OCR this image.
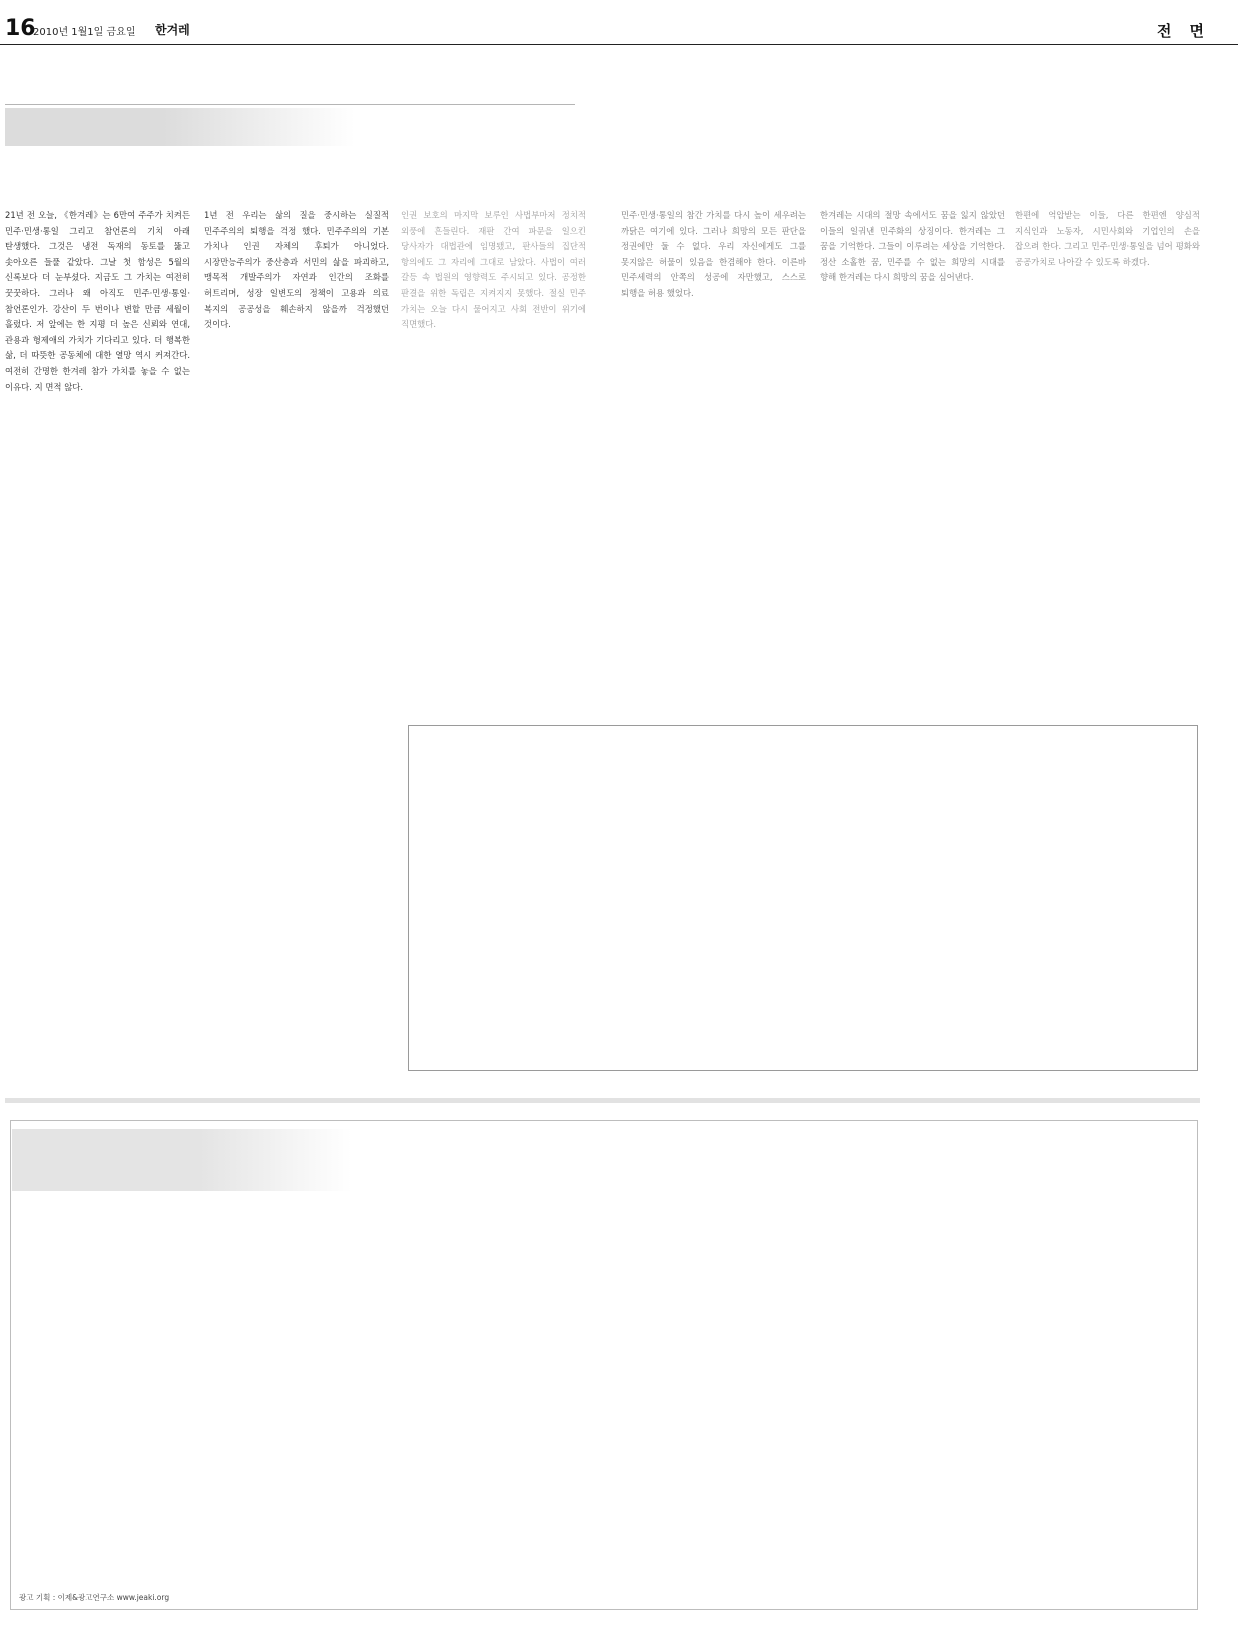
16
2010년 1월1일 금요일 한겨레	전면

21년 전 오늘, 《한겨레》는 6만여 주주가 치켜든 민주·민생·통일 그리고 참언론의 기치 아래 탄생했다. 그것은 냉전 독재의 동토를 뚫고 솟아오른 들풀 같았다. 그날 첫 함성은 5월의 신록보다 더 눈부셨다. 지금도 그 가치는 여전히 꿋꿋하다. 그러나 왜 아직도 민주·민생·통일·참언론인가. 강산이 두 번이나 변할 만큼 세월이 흘렀다. 저 앞에는 한 지평 더 높은 신뢰와 연대, 관용과 형제애의 가치가 기다리고 있다. 더 행복한 삶, 더 따뜻한 공동체에 대한 열망 역시 커져간다. 여전히 간명한 한겨레 참가 가치를 놓을 수 없는 이유다. 지 면적 않다.

1년 전 우리는 삶의 질을 중시하는 실질적 민주주의의 퇴행을 걱정 했다. 민주주의의 기본 가치나 인권 자체의 후퇴가 아니었다. 시장만능주의가 중산층과 서민의 삶을 파괴하고, 맹목적 개발주의가 자연과 인간의 조화를 허트리며, 성장 일변도의 정책이 고용과 의료 복지의 공공성을 훼손하지 않을까 걱정했던 것이다.

인권 보호의 마지막 보루인 사법부마저 정치적 외풍에 흔들린다. 재판 간여 파문을 일으킨 당사자가 대법관에 임명됐고, 판사들의 집단적 항의에도 그 자리에 그대로 남았다. 사법이 여러 갈등 속 법원의 영향력도 주시되고 있다. 공정한 판결을 위한 독립은 지켜지지 못했다. 절실 민주 가치는 오늘 다시 물어지고 사회 전반이 위기에 직면했다.

민주·민생·통일의 참간 가치를 다시 높이 세우려는 까닭은 여기에 있다. 그러나 희망의 모든 판단을 정권에만 둘 수 없다. 우리 자신에게도 그를 못지않은 허물이 있음을 한겸해야 한다. 이른바 민주세력의 안쪽의 성공에 자만했고, 스스로 퇴행을 허용 했었다.

한겨레는 시대의 절망 속에서도 꿈을 잃지 않았던 이들의 일궈낸 민주화의 상징이다. 한겨레는 그 꿈을 기억한다. 그들이 이루려는 세상을 기억한다. 정산 소홀한 꿈, 민주를 수 없는 희망의 시대를 향해 한겨레는 다시 희망의 꿈을 심어낸다.

한편에 억압받는 이들, 다른 한편엔 양심적 지식인과 노동자, 시민사회와 기업인의 손을 잡으려 한다. 그리고 민주·민생·통일을 넘어 평화와 공공가치로 나아갈 수 있도록 하겠다.

광고 기획 : 이제&광고연구소 www.jeaki.org
